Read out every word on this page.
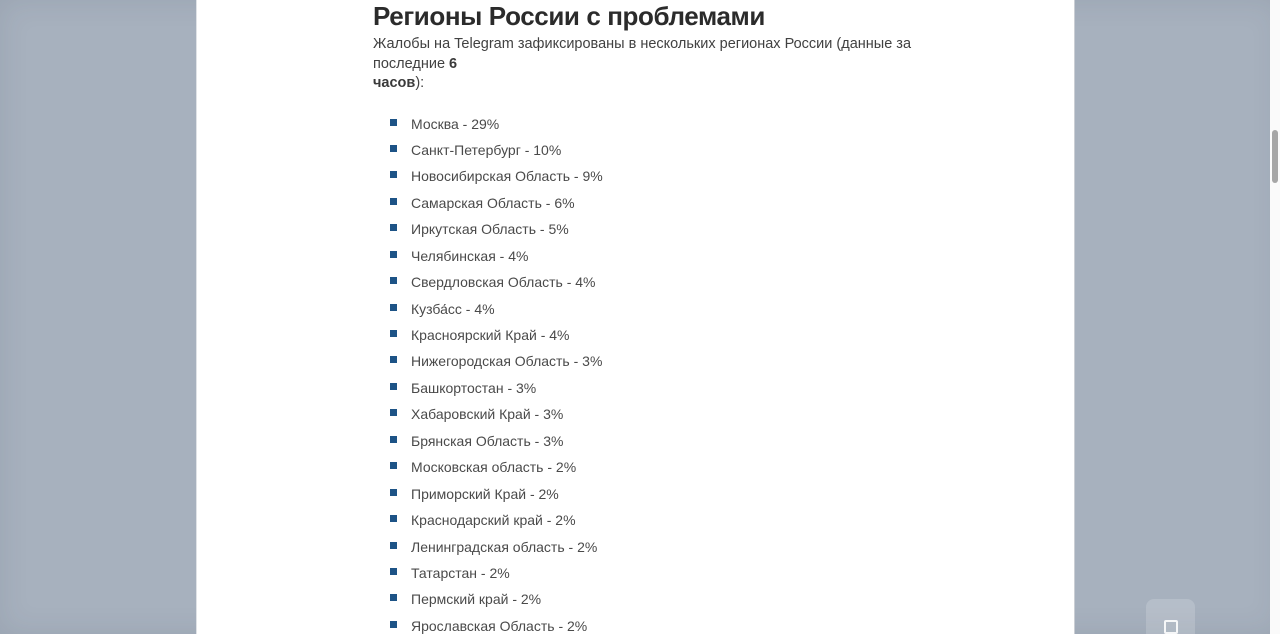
Регионы России с проблемами

Жалобы на Telegram зафиксированы в нескольких регионах России (данные за последние 6
часов):

Москва - 29%
Санкт-Петербург - 10%
Новосибирская Область - 9%
Самарская Область - 6%
Иркутская Область - 5%
Челябинская - 4%
Свердловская Область - 4%
Кузба́сс - 4%
Красноярский Край - 4%
Нижегородская Область - 3%
Башкортостан - 3%
Хабаровский Край - 3%
Брянская Область - 3%
Московская область - 2%
Приморский Край - 2%
Краснодарский край - 2%
Ленинградская область - 2%
Татарстан - 2%
Пермский край - 2%
Ярославская Область - 2%
